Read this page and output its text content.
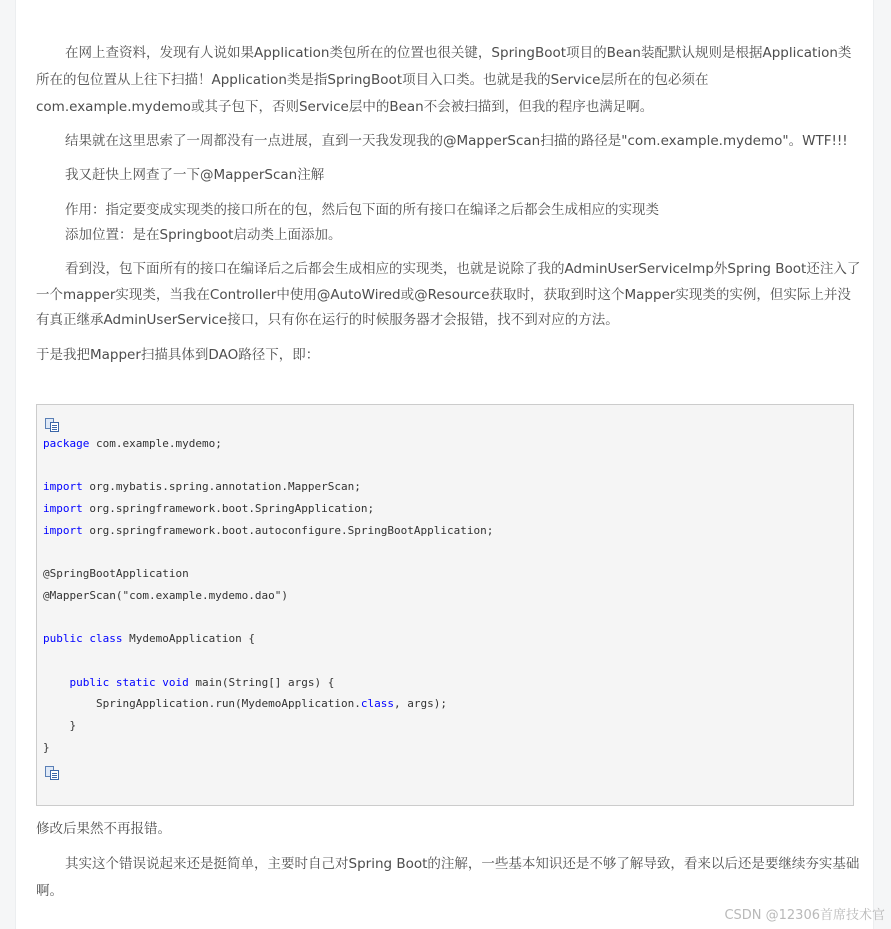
在网上查资料，发现有人说如果Application类包所在的位置也很关键，SpringBoot项目的Bean装配默认规则是根据Application类所在的包位置从上往下扫描！Application类是指SpringBoot项目入口类。也就是我的Service层所在的包必须在com.example.mydemo或其子包下，否则Service层中的Bean不会被扫描到，但我的程序也满足啊。

结果就在这里思索了一周都没有一点进展，直到一天我发现我的@MapperScan扫描的路径是"com.example.mydemo"。WTF!!!

我又赶快上网查了一下@MapperScan注解

作用：指定要变成实现类的接口所在的包，然后包下面的所有接口在编译之后都会生成相应的实现类

添加位置：是在Springboot启动类上面添加。

看到没，包下面所有的接口在编译后之后都会生成相应的实现类，也就是说除了我的AdminUserServiceImp外Spring Boot还注入了一个mapper实现类，当我在Controller中使用@AutoWired或@Resource获取时，获取到时这个Mapper实现类的实例，但实际上并没有真正继承AdminUserService接口，只有你在运行的时候服务器才会报错，找不到对应的方法。

于是我把Mapper扫描具体到DAO路径下，即：

package com.example.mydemo;

import org.mybatis.spring.annotation.MapperScan;
import org.springframework.boot.SpringApplication;
import org.springframework.boot.autoconfigure.SpringBootApplication;

@SpringBootApplication
@MapperScan("com.example.mydemo.dao")

public class MydemoApplication {

public static void main(String[] args) {
SpringApplication.run(MydemoApplication.class, args);
}
}

修改后果然不再报错。

其实这个错误说起来还是挺简单，主要时自己对Spring Boot的注解，一些基本知识还是不够了解导致，看来以后还是要继续夯实基础啊。

CSDN @12306首席技术官
